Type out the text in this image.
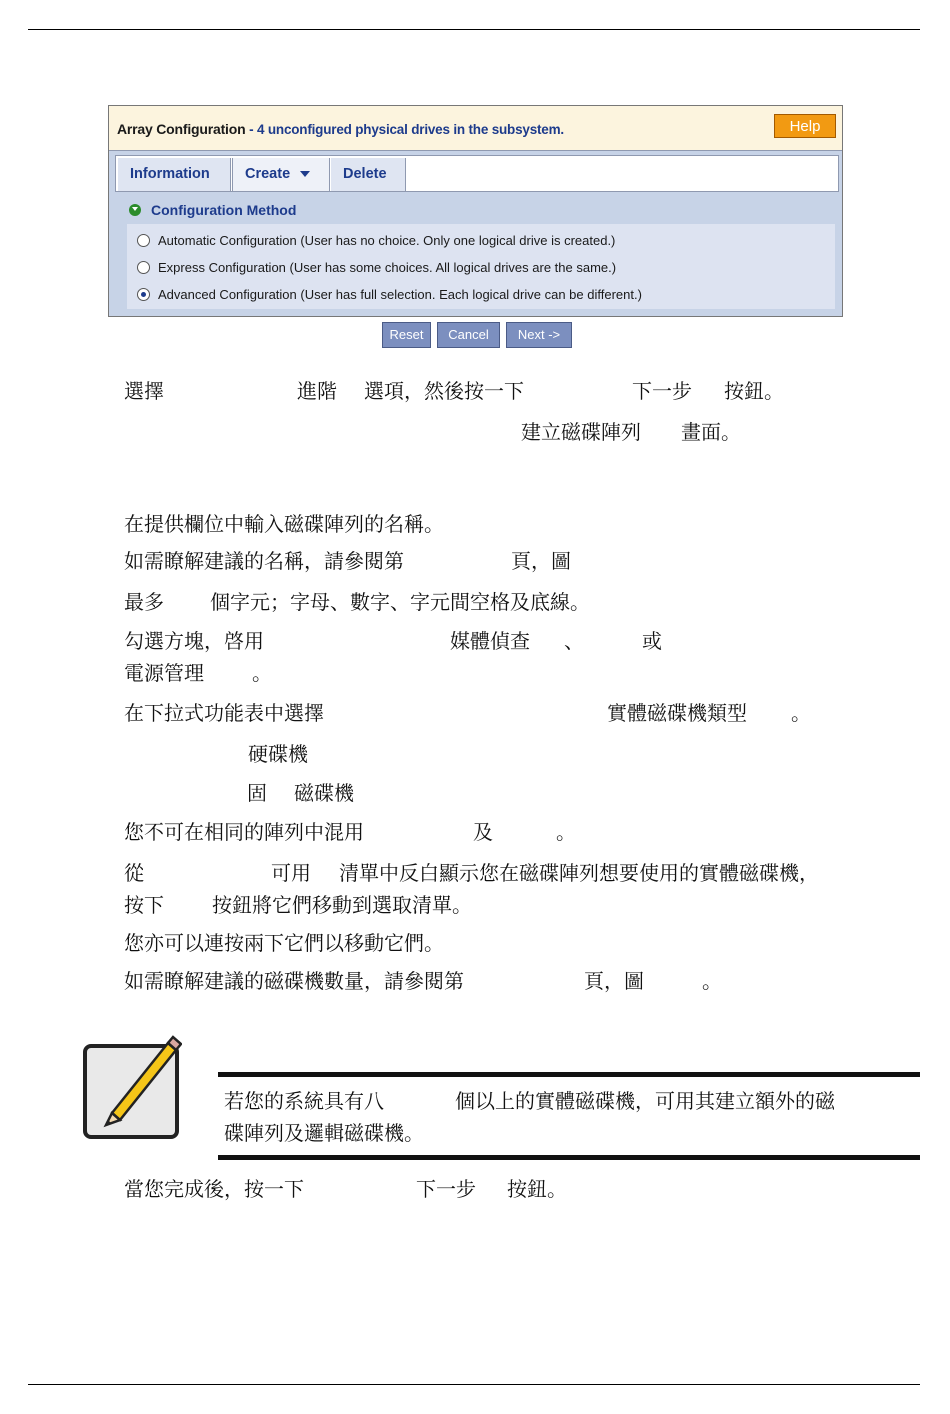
Array Configuration - 4 unconfigured physical drives in the subsystem.	Help
Information	Create	Delete
Configuration Method
Automatic Configuration (User has no choice. Only one logical drive is created.)
Express Configuration (User has some choices. All logical drives are the same.)
Advanced Configuration (User has full selection. Each logical drive can be different.)
Reset	Cancel	Next ->
選擇	進階 選項，然後按一下	下一步 按鈕。
建立磁碟陣列 畫面。
在提供欄位中輸入磁碟陣列的名稱。
如需瞭解建議的名稱，請參閱第	頁，圖
最多 個字元；字母、數字、字元間空格及底線。
勾選方塊，啓用	媒體偵查 、	或
電源管理 。
在下拉式功能表中選擇	實體磁碟機類型 。
硬碟機
固 磁碟機
您不可在相同的陣列中混用	及	。
從	可用 清單中反白顯示您在磁碟陣列想要使用的實體磁碟機，
按下 按鈕將它們移動到選取清單。
您亦可以連按兩下它們以移動它們。
如需瞭解建議的磁碟機數量，請參閱第	頁，圖	。
若您的系統具有八	個以上的實體磁碟機，可用其建立額外的磁
碟陣列及邏輯磁碟機。
當您完成後，按一下	下一步 按鈕。
